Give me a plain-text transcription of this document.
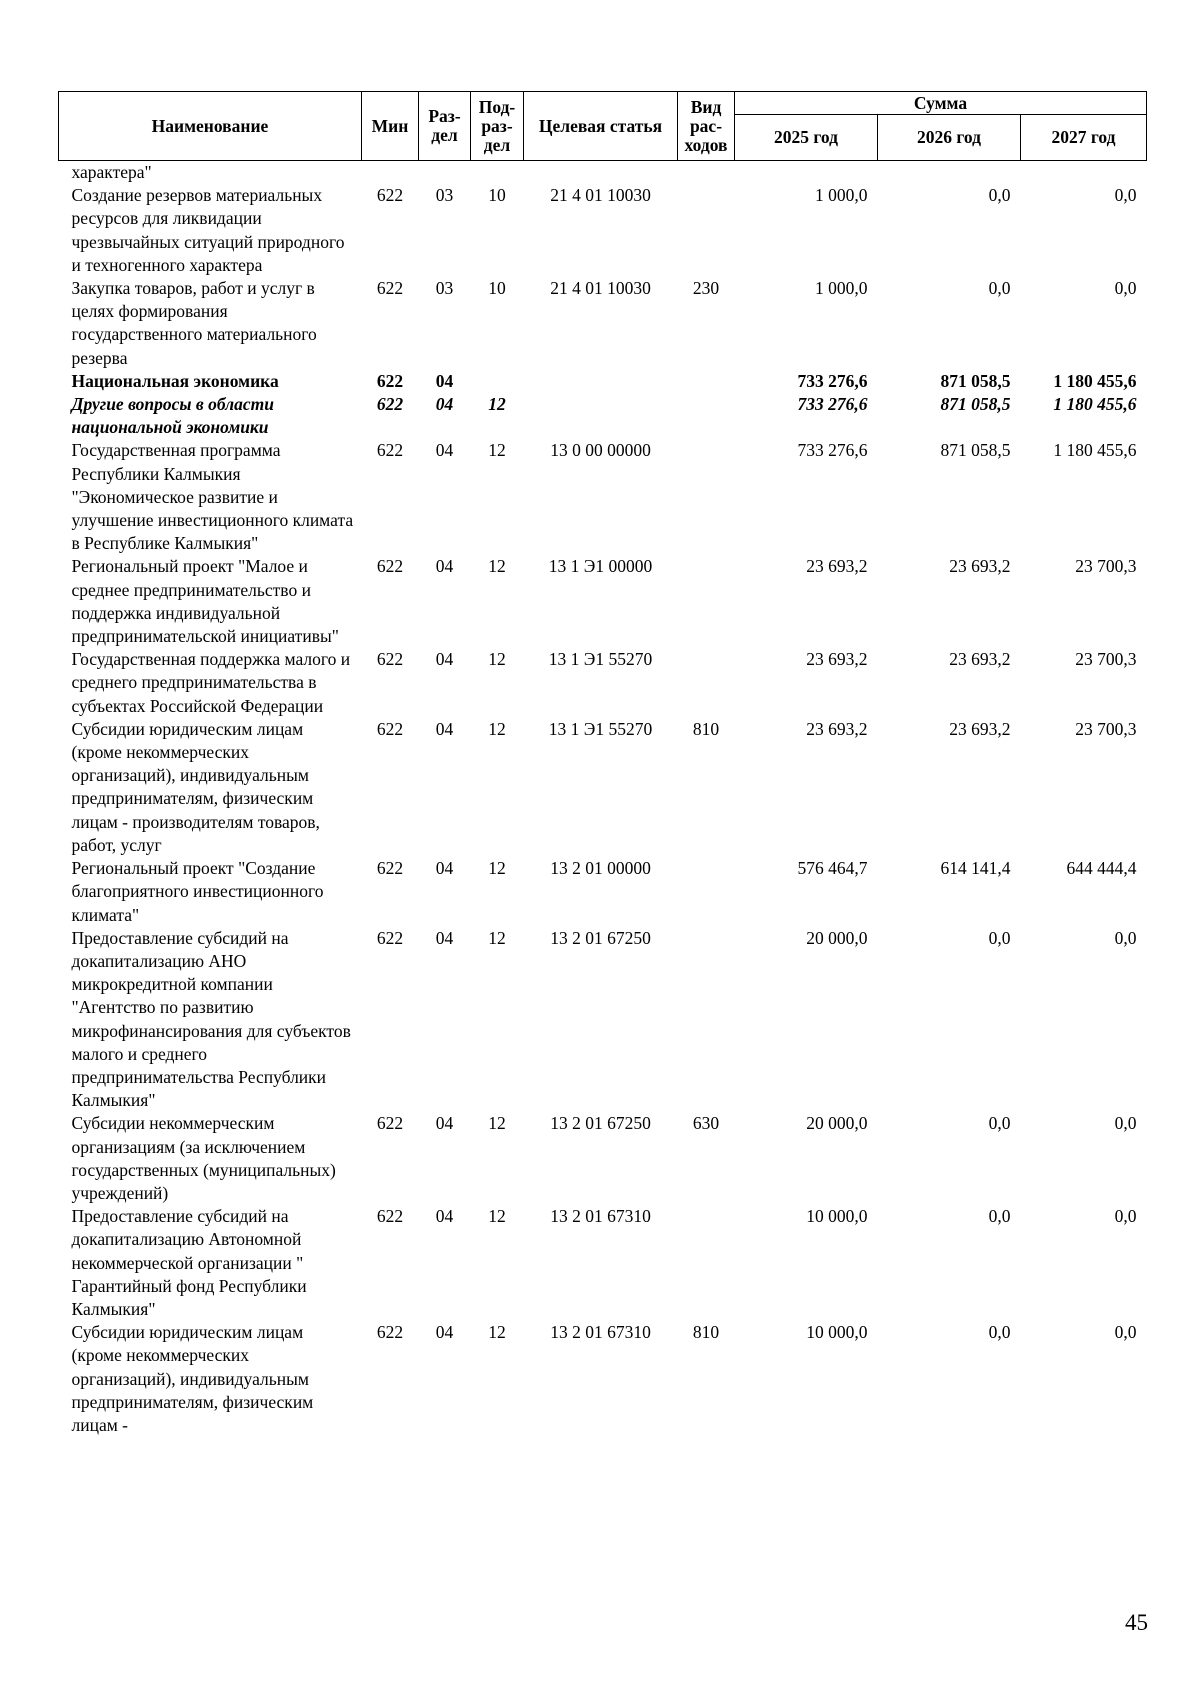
Наименование	Мин	Раз-дел	Под-раз-дел	Целевая статья	Вид рас-ходов	Сумма		
						2025 год	2026 год	2027 год
характера"								
Создание резервов материальных ресурсов для ликвидации чрезвычайных ситуаций природного и техногенного характера	622	03	10	21 4 01 10030		1 000,0	0,0	0,0
Закупка товаров, работ и услуг в целях формирования государственного материального резерва	622	03	10	21 4 01 10030	230	1 000,0	0,0	0,0
Национальная экономика	622	04				733 276,6	871 058,5	1 180 455,6
Другие вопросы в области национальной экономики	622	04	12			733 276,6	871 058,5	1 180 455,6
Государственная программа Республики Калмыкия "Экономическое развитие и улучшение инвестиционного климата в Республике Калмыкия"	622	04	12	13 0 00 00000		733 276,6	871 058,5	1 180 455,6
Региональный проект "Малое и среднее предпринимательство и поддержка индивидуальной предпринимательской инициативы"	622	04	12	13 1 Э1 00000		23 693,2	23 693,2	23 700,3
Государственная поддержка малого и среднего предпринимательства в субъектах Российской Федерации	622	04	12	13 1 Э1 55270		23 693,2	23 693,2	23 700,3
Субсидии юридическим лицам (кроме некоммерческих организаций), индивидуальным предпринимателям, физическим лицам - производителям товаров, работ, услуг	622	04	12	13 1 Э1 55270	810	23 693,2	23 693,2	23 700,3
Региональный проект "Создание благоприятного инвестиционного климата"	622	04	12	13 2 01 00000		576 464,7	614 141,4	644 444,4
Предоставление субсидий на докапитализацию АНО микрокредитной компании "Агентство по развитию микрофинансирования для субъектов малого и среднего предпринимательства Республики Калмыкия"	622	04	12	13 2 01 67250		20 000,0	0,0	0,0
Субсидии некоммерческим организациям (за исключением государственных (муниципальных) учреждений)	622	04	12	13 2 01 67250	630	20 000,0	0,0	0,0
Предоставление субсидий на докапитализацию Автономной некоммерческой организации " Гарантийный фонд Республики Калмыкия"	622	04	12	13 2 01 67310		10 000,0	0,0	0,0
Субсидии юридическим лицам (кроме некоммерческих организаций), индивидуальным предпринимателям, физическим лицам -	622	04	12	13 2 01 67310	810	10 000,0	0,0	0,0
45
